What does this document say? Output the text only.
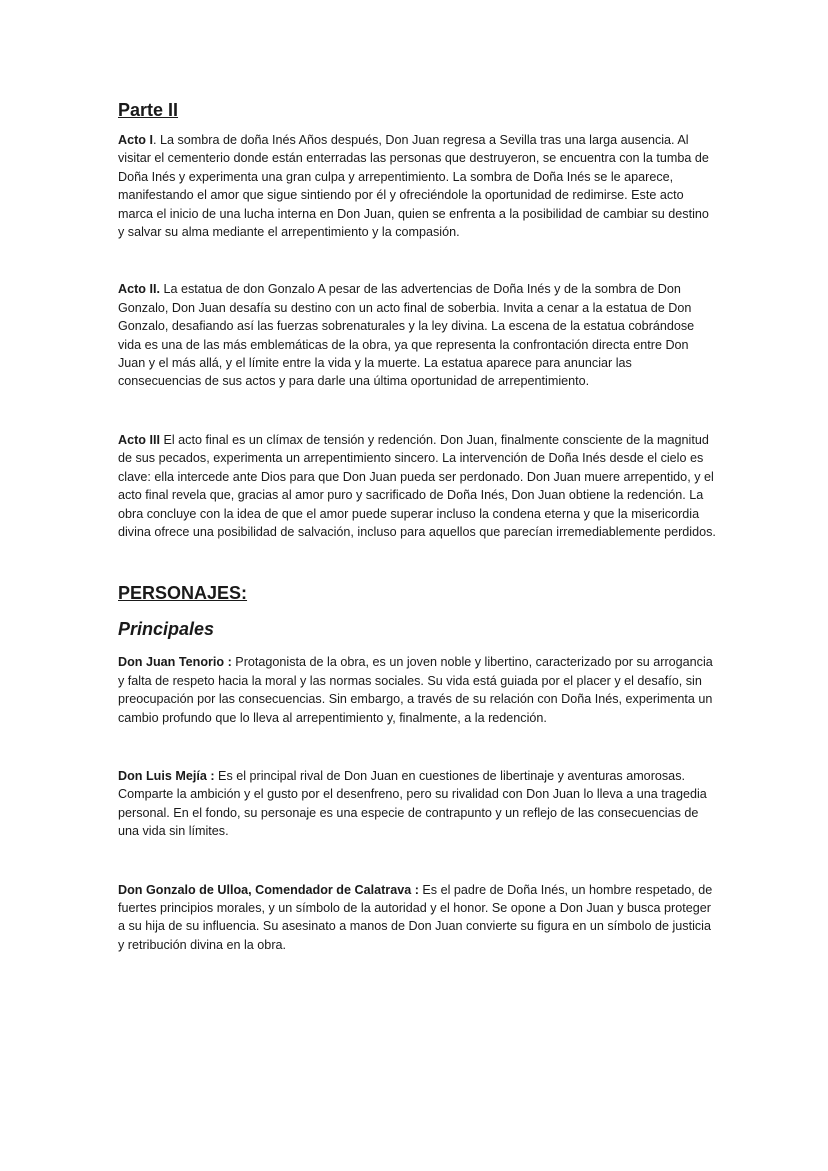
Parte II

Acto I. La sombra de doña Inés Años después, Don Juan regresa a Sevilla tras una larga ausencia. Al visitar el cementerio donde están enterradas las personas que destruyeron, se encuentra con la tumba de Doña Inés y experimenta una gran culpa y arrepentimiento. La sombra de Doña Inés se le aparece, manifestando el amor que sigue sintiendo por él y ofreciéndole la oportunidad de redimirse. Este acto marca el inicio de una lucha interna en Don Juan, quien se enfrenta a la posibilidad de cambiar su destino y salvar su alma mediante el arrepentimiento y la compasión.

Acto II. La estatua de don Gonzalo A pesar de las advertencias de Doña Inés y de la sombra de Don Gonzalo, Don Juan desafía su destino con un acto final de soberbia. Invita a cenar a la estatua de Don Gonzalo, desafiando así las fuerzas sobrenaturales y la ley divina. La escena de la estatua cobrándose vida es una de las más emblemáticas de la obra, ya que representa la confrontación directa entre Don Juan y el más allá, y el límite entre la vida y la muerte. La estatua aparece para anunciar las consecuencias de sus actos y para darle una última oportunidad de arrepentimiento.

Acto III El acto final es un clímax de tensión y redención. Don Juan, finalmente consciente de la magnitud de sus pecados, experimenta un arrepentimiento sincero. La intervención de Doña Inés desde el cielo es clave: ella intercede ante Dios para que Don Juan pueda ser perdonado. Don Juan muere arrepentido, y el acto final revela que, gracias al amor puro y sacrificado de Doña Inés, Don Juan obtiene la redención. La obra concluye con la idea de que el amor puede superar incluso la condena eterna y que la misericordia divina ofrece una posibilidad de salvación, incluso para aquellos que parecían irremediablemente perdidos.

PERSONAJES:
Principales

Don Juan Tenorio : Protagonista de la obra, es un joven noble y libertino, caracterizado por su arrogancia y falta de respeto hacia la moral y las normas sociales. Su vida está guiada por el placer y el desafío, sin preocupación por las consecuencias. Sin embargo, a través de su relación con Doña Inés, experimenta un cambio profundo que lo lleva al arrepentimiento y, finalmente, a la redención.

Don Luis Mejía : Es el principal rival de Don Juan en cuestiones de libertinaje y aventuras amorosas. Comparte la ambición y el gusto por el desenfreno, pero su rivalidad con Don Juan lo lleva a una tragedia personal. En el fondo, su personaje es una especie de contrapunto y un reflejo de las consecuencias de una vida sin límites.

Don Gonzalo de Ulloa, Comendador de Calatrava : Es el padre de Doña Inés, un hombre respetado, de fuertes principios morales, y un símbolo de la autoridad y el honor. Se opone a Don Juan y busca proteger a su hija de su influencia. Su asesinato a manos de Don Juan convierte su figura en un símbolo de justicia y retribución divina en la obra.
